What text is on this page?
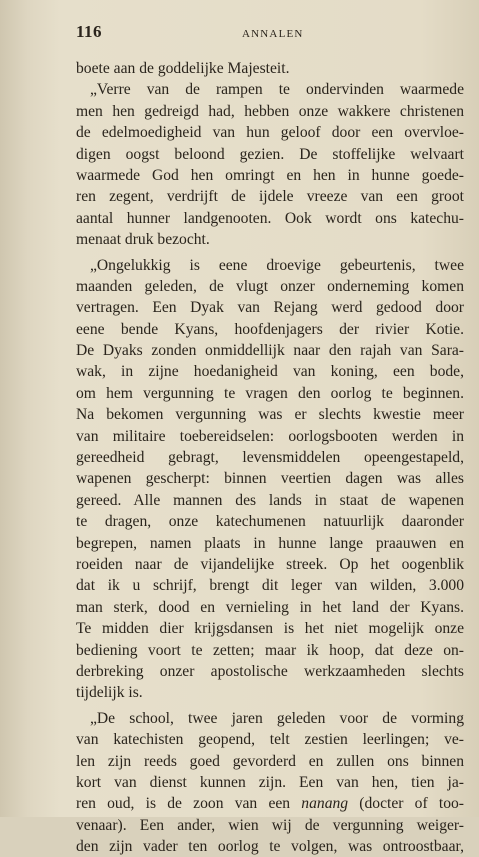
116	ANNALEN
boete aan de goddelijke Majesteit.
„Verre van de rampen te ondervinden waarmede
men hen gedreigd had, hebben onze wakkere christenen
de edelmoedigheid van hun geloof door een overvloe-
digen oogst beloond gezien. De stoffelijke welvaart
waarmede God hen omringt en hen in hunne goede-
ren zegent, verdrijft de ijdele vreeze van een groot
aantal hunner landgenooten. Ook wordt ons katechu-
menaat druk bezocht.
„Ongelukkig is eene droevige gebeurtenis, twee
maanden geleden, de vlugt onzer onderneming komen
vertragen. Een Dyak van Rejang werd gedood door
eene bende Kyans, hoofdenjagers der rivier Kotie.
De Dyaks zonden onmiddellijk naar den rajah van Sara-
wak, in zijne hoedanigheid van koning, een bode,
om hem vergunning te vragen den oorlog te beginnen.
Na bekomen vergunning was er slechts kwestie meer
van militaire toebereidselen: oorlogsbooten werden in
gereedheid gebragt, levensmiddelen opeengestapeld,
wapenen gescherpt: binnen veertien dagen was alles
gereed. Alle mannen des lands in staat de wapenen
te dragen, onze katechumenen natuurlijk daaronder
begrepen, namen plaats in hunne lange praauwen en
roeiden naar de vijandelijke streek. Op het oogenblik
dat ik u schrijf, brengt dit leger van wilden, 3.000
man sterk, dood en vernieling in het land der Kyans.
Te midden dier krijgsdansen is het niet mogelijk onze
bediening voort te zetten; maar ik hoop, dat deze on-
derbreking onzer apostolische werkzaamheden slechts
tijdelijk is.
„De school, twee jaren geleden voor de vorming
van katechisten geopend, telt zestien leerlingen; ve-
len zijn reeds goed gevorderd en zullen ons binnen
kort van dienst kunnen zijn. Een van hen, tien ja-
ren oud, is de zoon van een nanang (docter of too-
venaar). Een ander, wien wij de vergunning weiger-
den zijn vader ten oorlog te volgen, was ontroostbaar,
